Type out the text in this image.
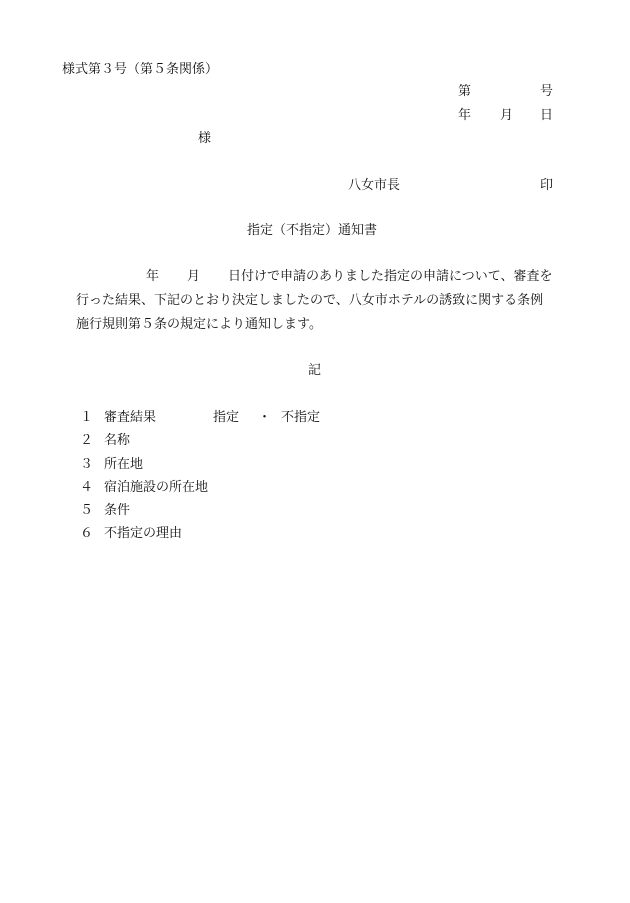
様式第３号（第５条関係）
第	号
年 月 日
様
八女市長	印
指定（不指定）通知書
年 月 日付けで申請のありました指定の申請について、審査を
行った結果、下記のとおり決定しましたので、八女市ホテルの誘致に関する条例
施行規則第５条の規定により通知します。
記
１ 審査結果	指定 ・ 不指定
２ 名称
３ 所在地
４ 宿泊施設の所在地
５ 条件
６ 不指定の理由
